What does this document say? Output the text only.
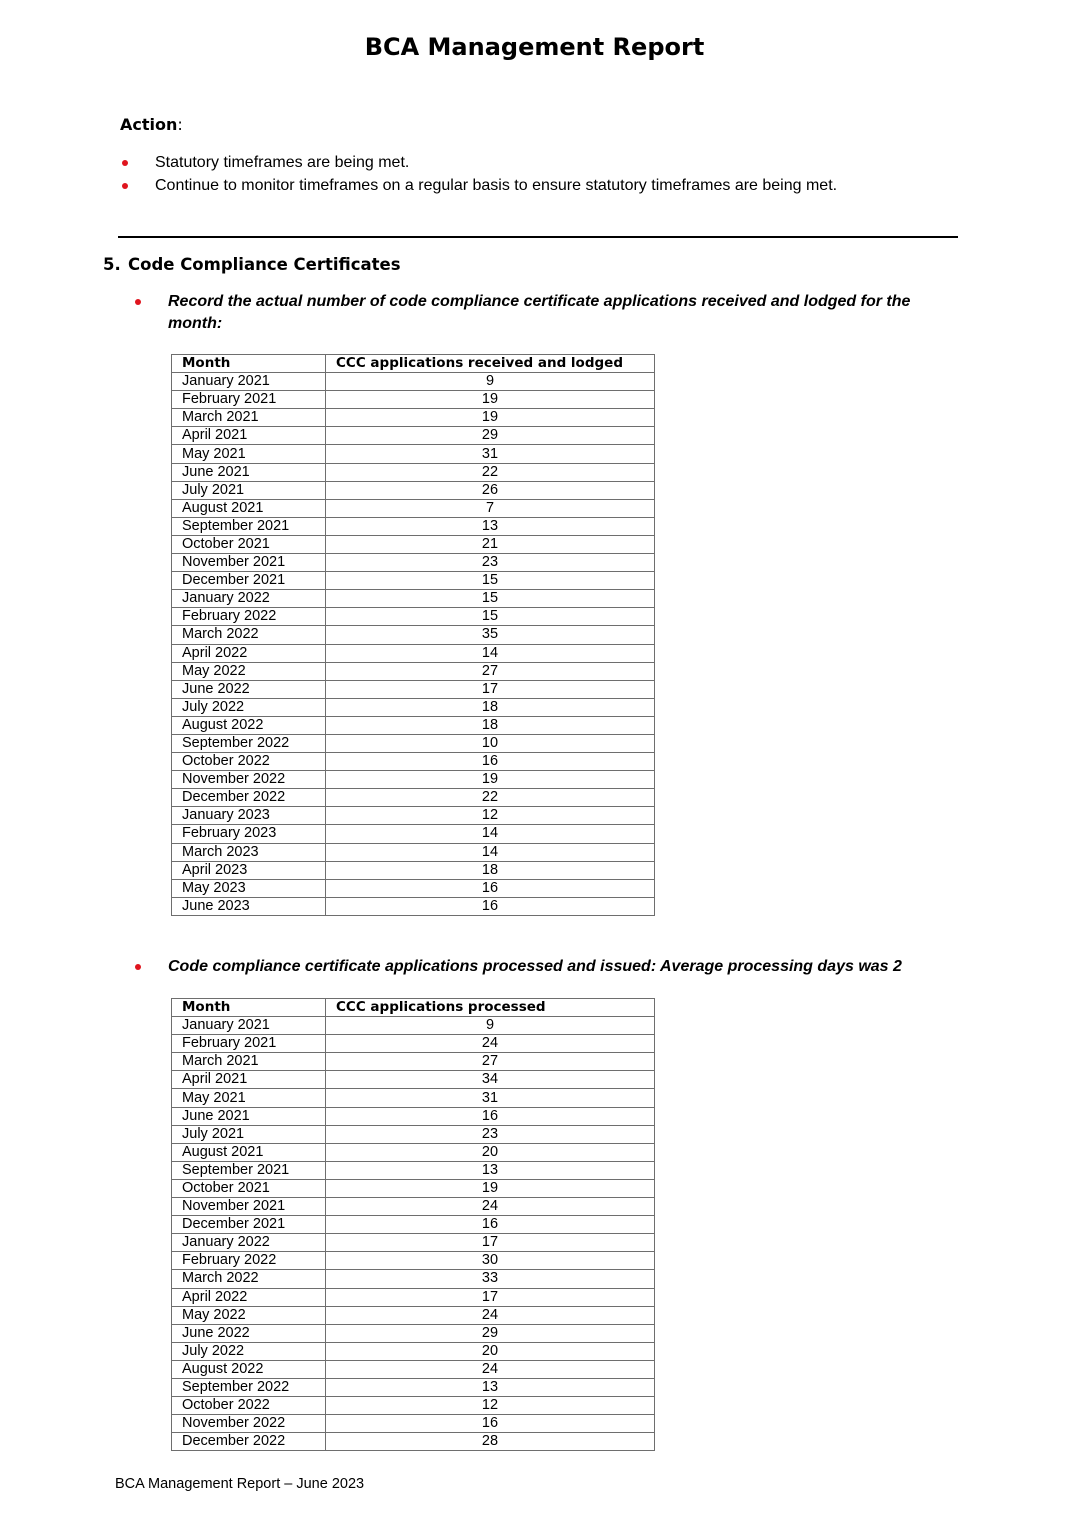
BCA Management Report
Action:
Statutory timeframes are being met.
Continue to monitor timeframes on a regular basis to ensure statutory timeframes are being met.
5. Code Compliance Certificates
Record the actual number of code compliance certificate applications received and lodged for the month:
Month	CCC applications received and lodged
January 2021	9
February 2021	19
March 2021	19
April 2021	29
May 2021	31
June 2021	22
July 2021	26
August 2021	7
September 2021	13
October 2021	21
November 2021	23
December 2021	15
January 2022	15
February 2022	15
March 2022	35
April 2022	14
May 2022	27
June 2022	17
July 2022	18
August 2022	18
September 2022	10
October 2022	16
November 2022	19
December 2022	22
January 2023	12
February 2023	14
March 2023	14
April 2023	18
May 2023	16
June 2023	16
Code compliance certificate applications processed and issued: Average processing days was 2
Month	CCC applications processed
January 2021	9
February 2021	24
March 2021	27
April 2021	34
May 2021	31
June 2021	16
July 2021	23
August 2021	20
September 2021	13
October 2021	19
November 2021	24
December 2021	16
January 2022	17
February 2022	30
March 2022	33
April 2022	17
May 2022	24
June 2022	29
July 2022	20
August 2022	24
September 2022	13
October 2022	12
November 2022	16
December 2022	28
BCA Management Report – June 2023
